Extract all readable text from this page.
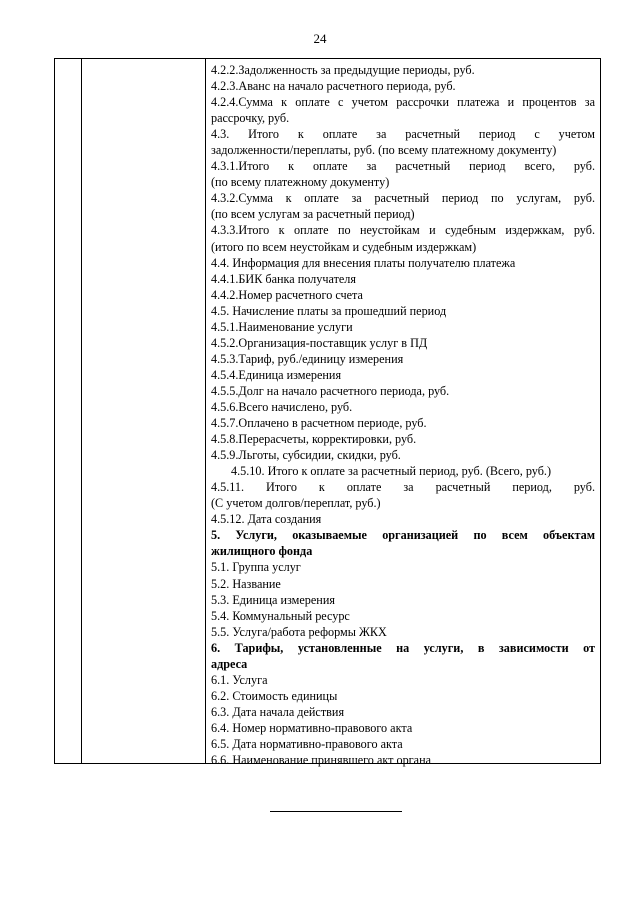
24
4.2.2.Задолженность за предыдущие периоды, руб.
4.2.3.Аванс на начало расчетного периода, руб.
4.2.4.Сумма к оплате с учетом рассрочки платежа и процентов за
рассрочку, руб.
4.3. Итого к оплате за расчетный период с учетом
задолженности/переплаты, руб. (по всему платежному документу)
4.3.1.Итого к оплате за расчетный период всего, руб.
(по всему платежному документу)
4.3.2.Сумма к оплате за расчетный период по услугам, руб.
(по всем услугам за расчетный период)
4.3.3.Итого к оплате по неустойкам и судебным издержкам, руб.
(итого по всем неустойкам и судебным издержкам)
4.4. Информация для внесения платы получателю платежа
4.4.1.БИК банка получателя
4.4.2.Номер расчетного счета
4.5. Начисление платы за прошедший период
4.5.1.Наименование услуги
4.5.2.Организация-поставщик услуг в ПД
4.5.3.Тариф, руб./единицу измерения
4.5.4.Единица измерения
4.5.5.Долг на начало расчетного периода, руб.
4.5.6.Всего начислено, руб.
4.5.7.Оплачено в расчетном периоде, руб.
4.5.8.Перерасчеты, корректировки, руб.
4.5.9.Льготы, субсидии, скидки, руб.
4.5.10. Итого к оплате за расчетный период, руб. (Всего, руб.)
4.5.11. Итого к оплате за расчетный период, руб.
(С учетом долгов/переплат, руб.)
4.5.12. Дата создания
5. Услуги, оказываемые организацией по всем объектам
жилищного фонда
5.1. Группа услуг
5.2. Название
5.3. Единица измерения
5.4. Коммунальный ресурс
5.5. Услуга/работа реформы ЖКХ
6. Тарифы, установленные на услуги, в зависимости от
адреса
6.1. Услуга
6.2. Стоимость единицы
6.3. Дата начала действия
6.4. Номер нормативно-правового акта
6.5. Дата нормативно-правового акта
6.6. Наименование принявшего акт органа
